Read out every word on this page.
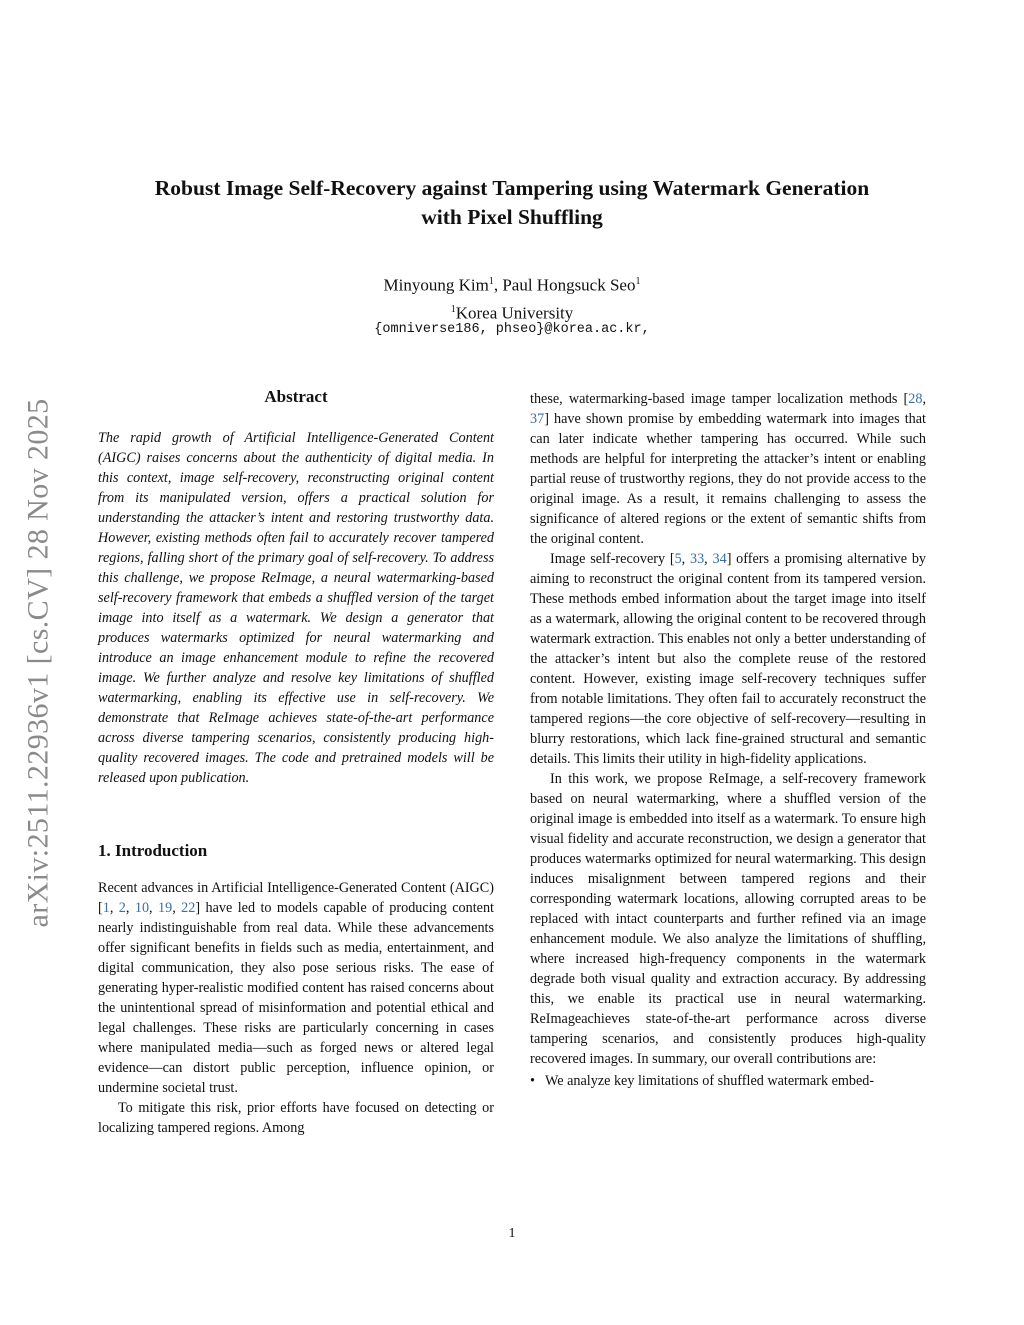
arXiv:2511.22936v1 [cs.CV] 28 Nov 2025
Robust Image Self-Recovery against Tampering using Watermark Generation
with Pixel Shuffling
Minyoung Kim$^1$, Paul Hongsuck Seo$^1$
$^1$Korea University
{omniverse186, phseo}@korea.ac.kr,
Abstract

The rapid growth of Artificial Intelligence-Generated Content (AIGC) raises concerns about the authenticity of digital media. In this context, image self-recovery, reconstructing original content from its manipulated version, offers a practical solution for understanding the attacker’s intent and restoring trustworthy data. However, existing methods often fail to accurately recover tampered regions, falling short of the primary goal of self-recovery. To address this challenge, we propose ReImage, a neural watermarking-based self-recovery framework that embeds a shuffled version of the target image into itself as a watermark. We design a generator that produces watermarks optimized for neural watermarking and introduce an image enhancement module to refine the recovered image. We further analyze and resolve key limitations of shuffled watermarking, enabling its effective use in self-recovery. We demonstrate that ReImage achieves state-of-the-art performance across diverse tampering scenarios, consistently producing high-quality recovered images. The code and pretrained models will be released upon publication.

1. Introduction

Recent advances in Artificial Intelligence-Generated Content (AIGC) [1, 2, 10, 19, 22] have led to models capable of producing content nearly indistinguishable from real data. While these advancements offer significant benefits in fields such as media, entertainment, and digital communication, they also pose serious risks. The ease of generating hyper-realistic modified content has raised concerns about the unintentional spread of misinformation and potential ethical and legal challenges. These risks are particularly concerning in cases where manipulated media—such as forged news or altered legal evidence—can distort public perception, influence opinion, or undermine societal trust.

To mitigate this risk, prior efforts have focused on detecting or localizing tampered regions. Among

these, watermarking-based image tamper localization methods [28, 37] have shown promise by embedding watermark into images that can later indicate whether tampering has occurred. While such methods are helpful for interpreting the attacker’s intent or enabling partial reuse of trustworthy regions, they do not provide access to the original image. As a result, it remains challenging to assess the significance of altered regions or the extent of semantic shifts from the original content.

Image self-recovery [5, 33, 34] offers a promising alternative by aiming to reconstruct the original content from its tampered version. These methods embed information about the target image into itself as a watermark, allowing the original content to be recovered through watermark extraction. This enables not only a better understanding of the attacker’s intent but also the complete reuse of the restored content. However, existing image self-recovery techniques suffer from notable limitations. They often fail to accurately reconstruct the tampered regions—the core objective of self-recovery—resulting in blurry restorations, which lack fine-grained structural and semantic details. This limits their utility in high-fidelity applications.

In this work, we propose ReImage, a self-recovery framework based on neural watermarking, where a shuffled version of the original image is embedded into itself as a watermark. To ensure high visual fidelity and accurate reconstruction, we design a generator that produces watermarks optimized for neural watermarking. This design induces misalignment between tampered regions and their corresponding watermark locations, allowing corrupted areas to be replaced with intact counterparts and further refined via an image enhancement module. We also analyze the limitations of shuffling, where increased high-frequency components in the watermark degrade both visual quality and extraction accuracy. By addressing this, we enable its practical use in neural watermarking. ReImageachieves state-of-the-art performance across diverse tampering scenarios, and consistently produces high-quality recovered images. In summary, our overall contributions are:

• We analyze key limitations of shuffled watermark embed-
1
